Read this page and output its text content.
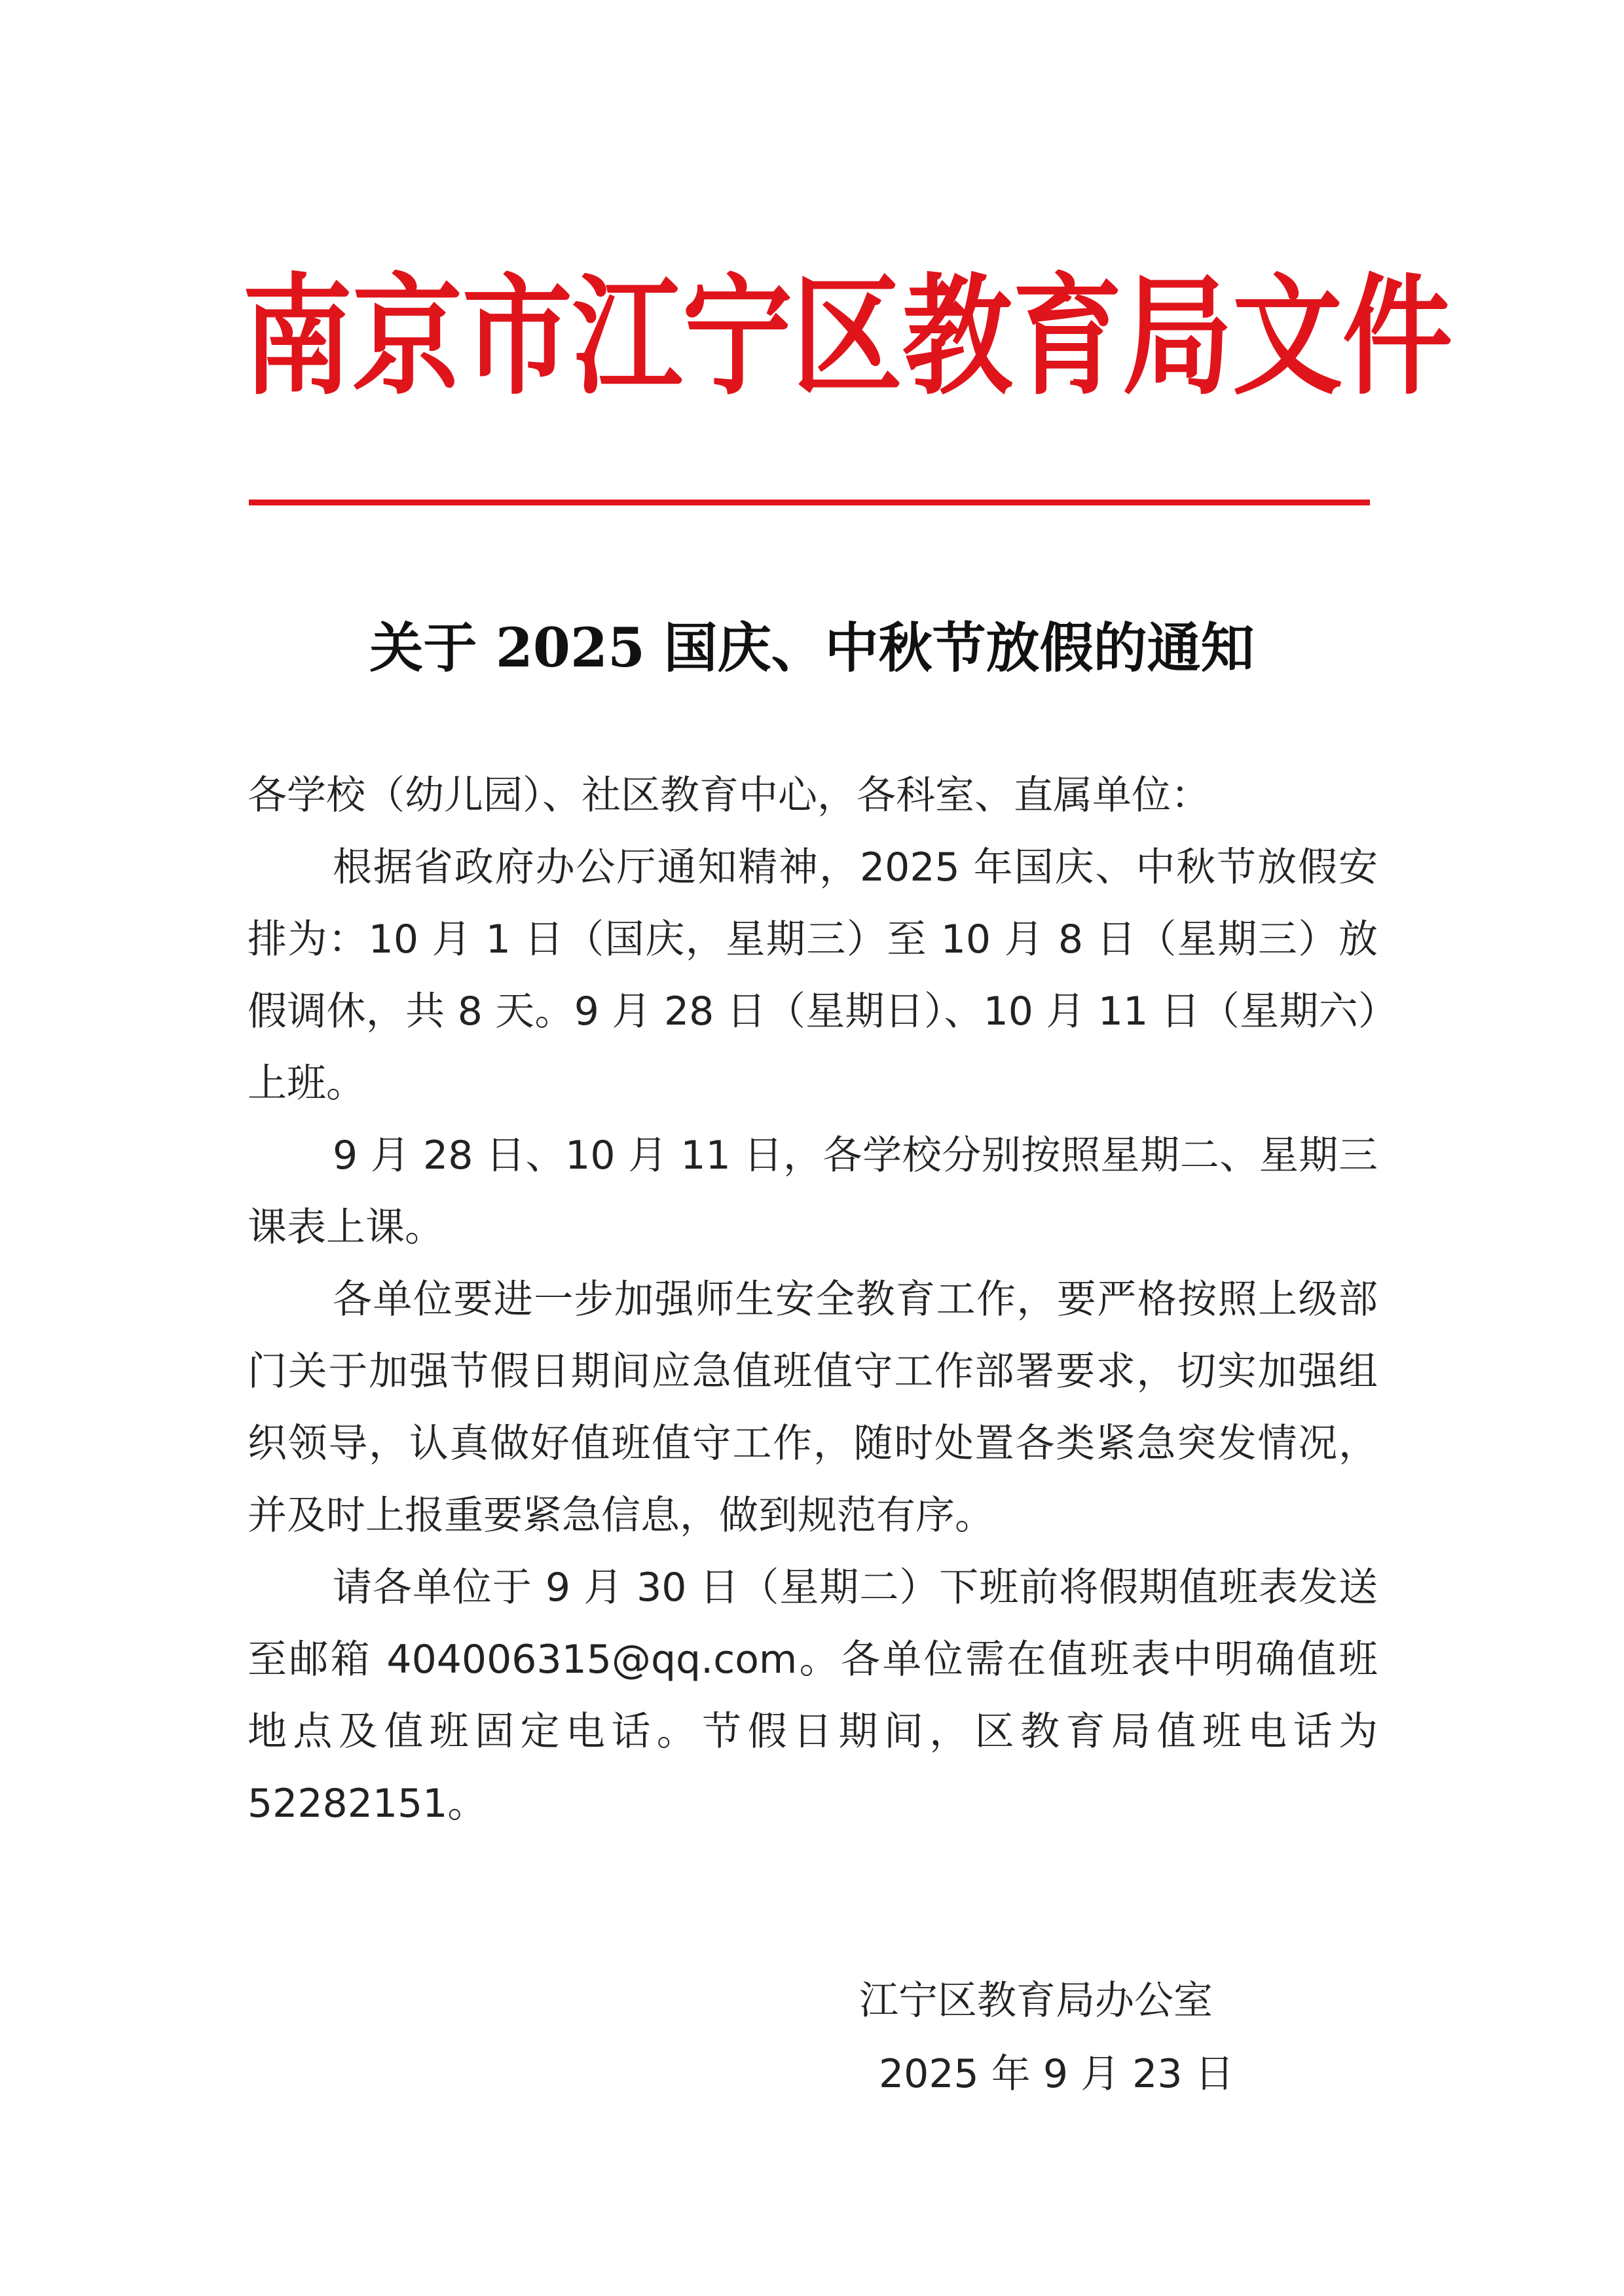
南 京 市 江 宁 区 教 育 局 文 件
关于 2025 国庆、中秋节放假的通知

各学校（幼儿园）、社区教育中心，各科室、直属单位：

根据省政府办公厅通知精神，2025 年国庆、中秋节放假安排为：10 月 1 日（国庆，星期三）至 10 月 8 日（星期三）放假调休，共 8 天。9 月 28 日（星期日）、10 月 11 日（星期六）上班。

9 月 28 日、10 月 11 日，各学校分别按照星期二、星期三课表上课。

各单位要进一步加强师生安全教育工作，要严格按照上级部门关于加强节假日期间应急值班值守工作部署要求，切实加强组织领导，认真做好值班值守工作，随时处置各类紧急突发情况，并及时上报重要紧急信息，做到规范有序。

请各单位于 9 月 30 日（星期二）下班前将假期值班表发送至邮箱 404006315@qq.com。各单位需在值班表中明确值班地点及值班固定电话。节假日期间，区教育局值班电话为 52282151。

江宁区教育局办公室
2025 年 9 月 23 日
